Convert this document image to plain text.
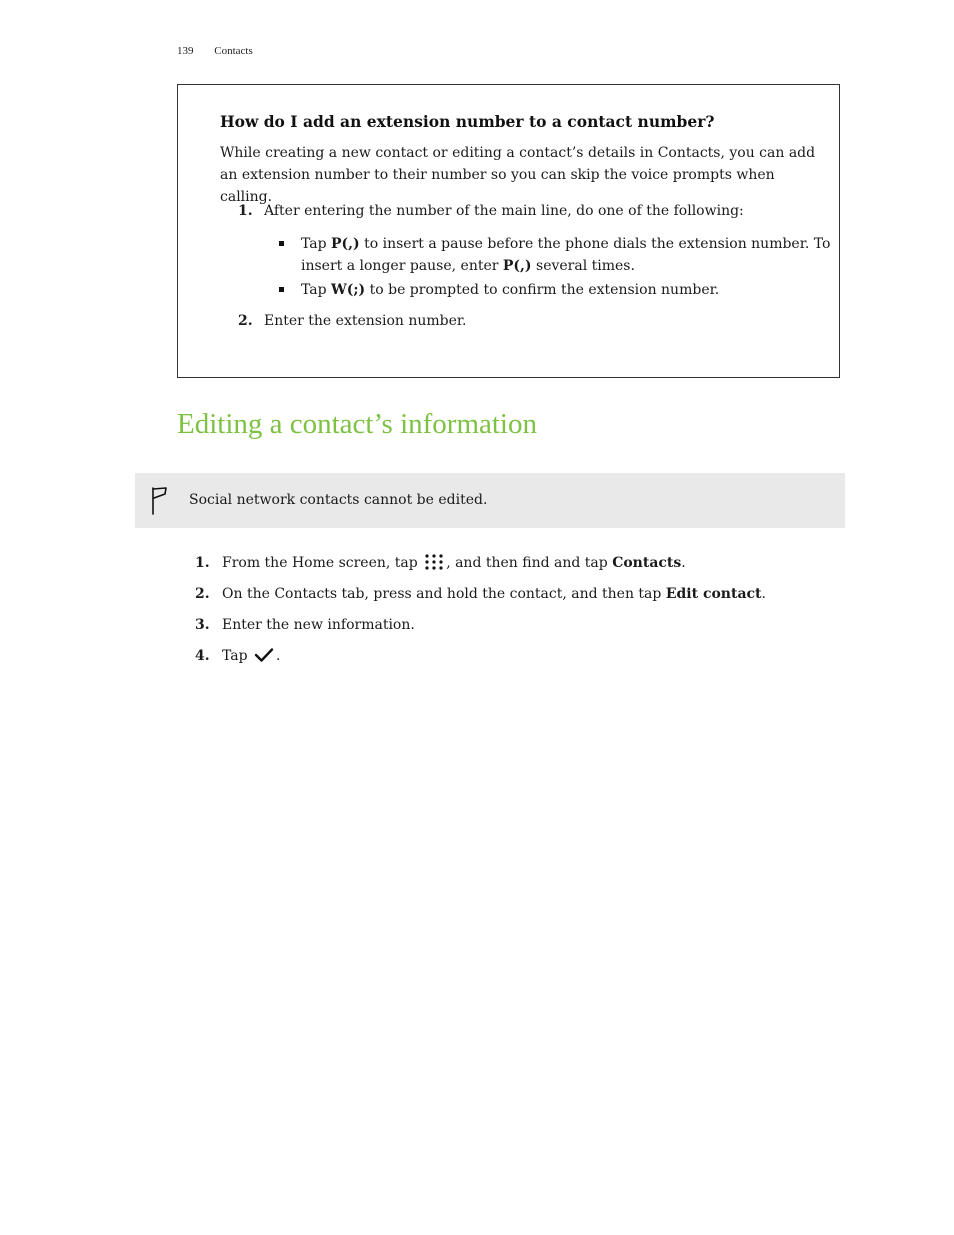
139 Contacts
How do I add an extension number to a contact number?

While creating a new contact or editing a contact’s details in Contacts, you can add an extension number to their number so you can skip the voice prompts when calling.

1. After entering the number of the main line, do one of the following:
Tap P(,) to insert a pause before the phone dials the extension number. To insert a longer pause, enter P(,) several times.
Tap W(;) to be prompted to confirm the extension number.
2. Enter the extension number.
Editing a contact’s information
Social network contacts cannot be edited.
1. From the Home screen, tap , and then find and tap Contacts.
2. On the Contacts tab, press and hold the contact, and then tap Edit contact.
3. Enter the new information.
4. Tap .
